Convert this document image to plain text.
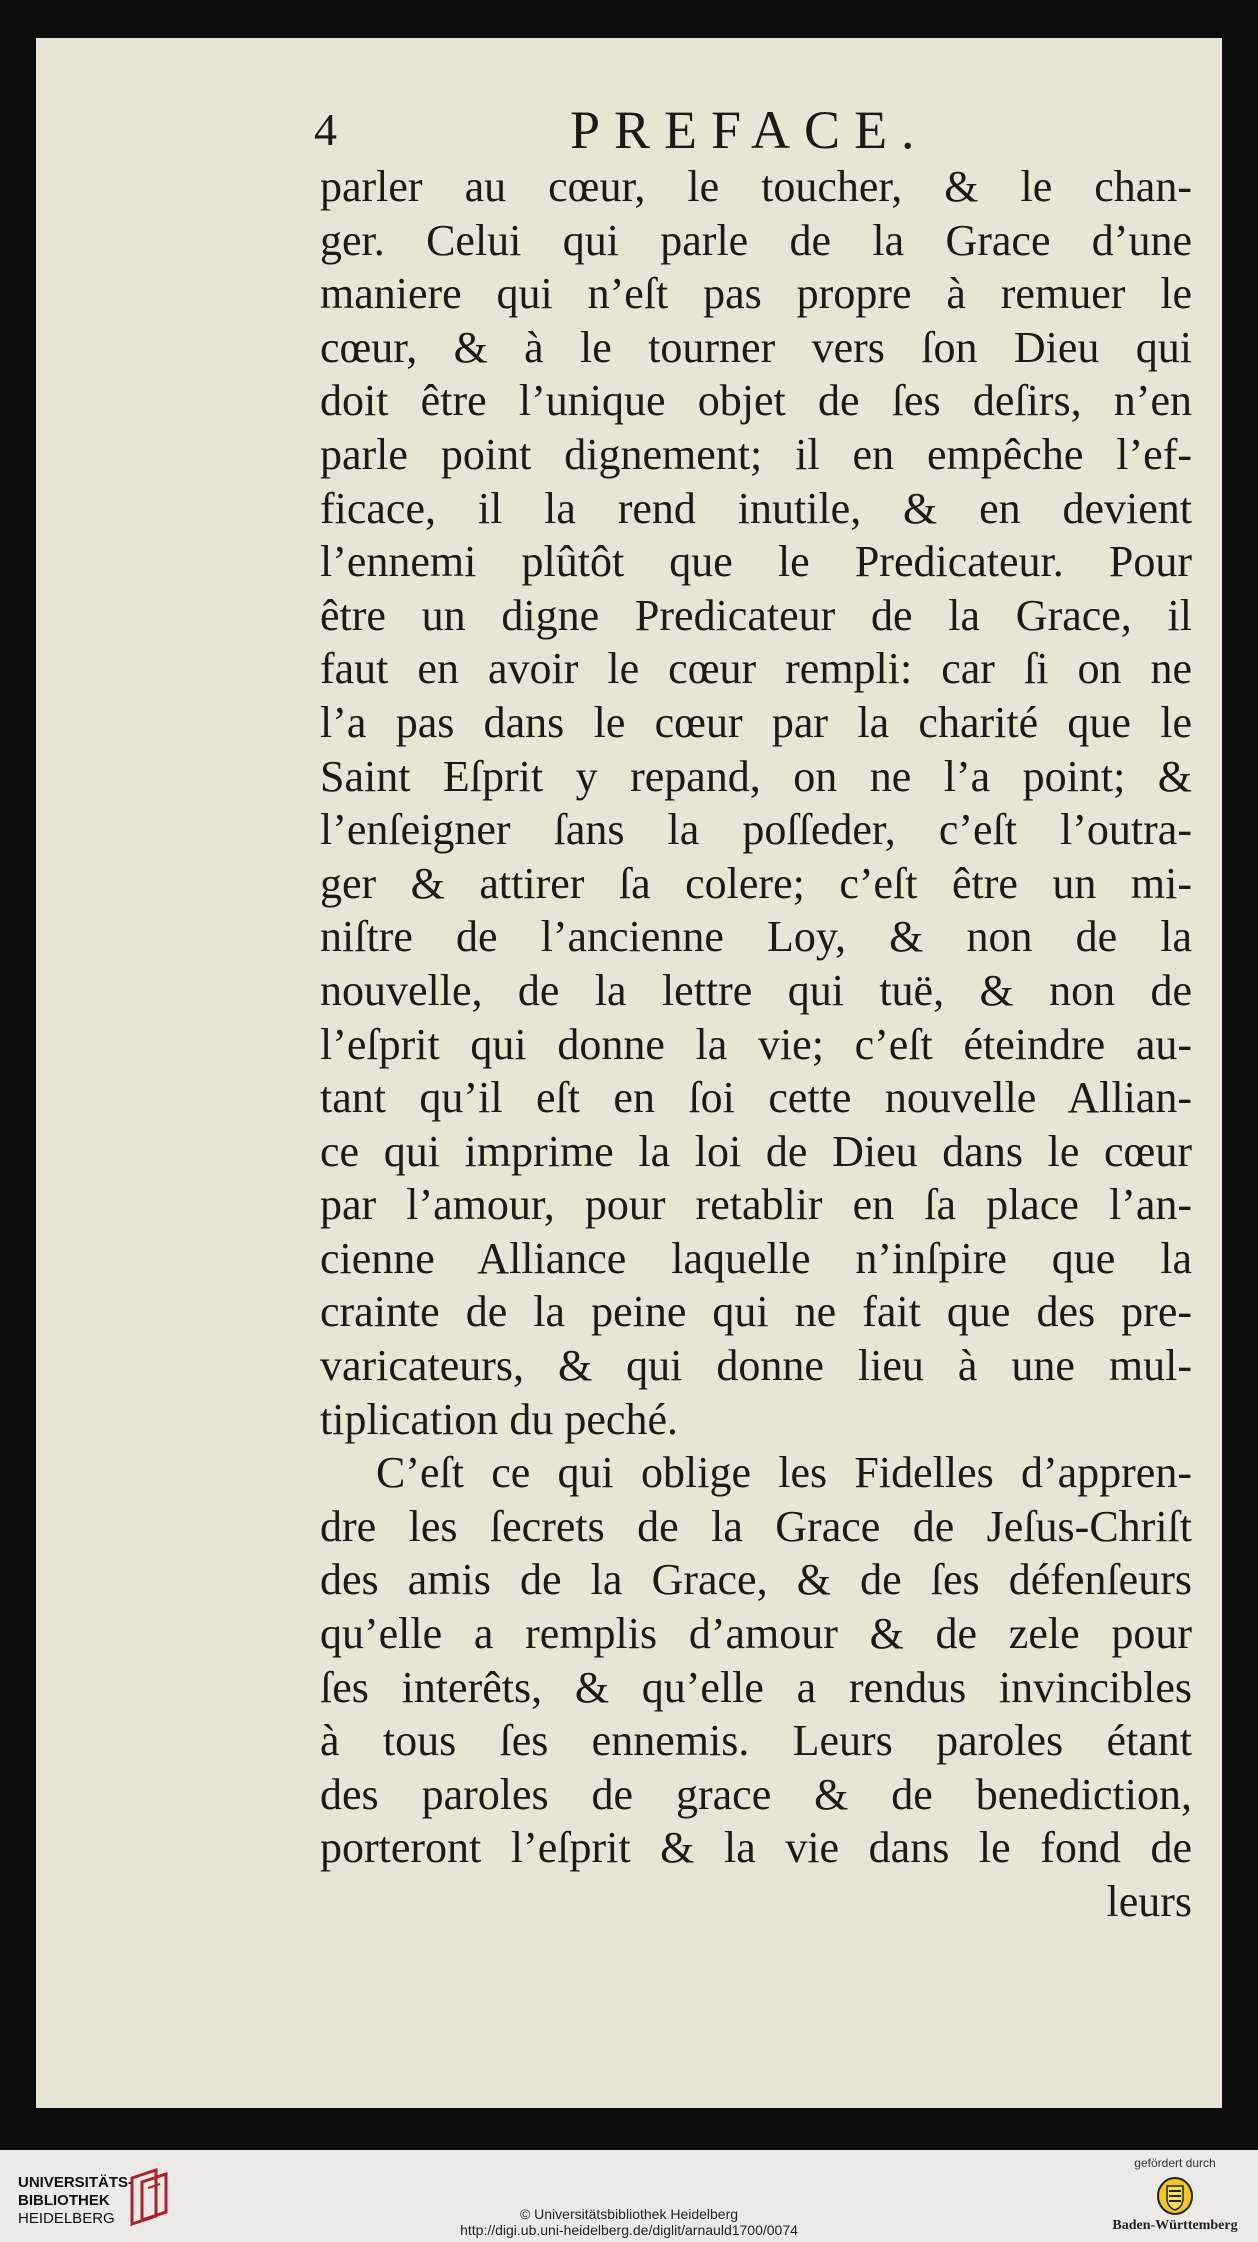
4	PREFACE.
parler au cœur, le toucher, & le chan-
ger. Celui qui parle de la Grace d’une
maniere qui n’eſt pas propre à remuer le
cœur, & à le tourner vers ſon Dieu qui
doit être l’unique objet de ſes deſirs, n’en
parle point dignement; il en empêche l’ef-
ficace, il la rend inutile, & en devient
l’ennemi plûtôt que le Predicateur. Pour
être un digne Predicateur de la Grace, il
faut en avoir le cœur rempli: car ſi on ne
l’a pas dans le cœur par la charité que le
Saint Eſprit y repand, on ne l’a point; &
l’enſeigner ſans la poſſeder, c’eſt l’outra-
ger & attirer ſa colere; c’eſt être un mi-
niſtre de l’ancienne Loy, & non de la
nouvelle, de la lettre qui tuë, & non de
l’eſprit qui donne la vie; c’eſt éteindre au-
tant qu’il eſt en ſoi cette nouvelle Allian-
ce qui imprime la loi de Dieu dans le cœur
par l’amour, pour retablir en ſa place l’an-
cienne Alliance laquelle n’inſpire que la
crainte de la peine qui ne fait que des pre-
varicateurs, & qui donne lieu à une mul-
tiplication du peché.
C’eſt ce qui oblige les Fidelles d’appren-
dre les ſecrets de la Grace de Jeſus-Chriſt
des amis de la Grace, & de ſes défenſeurs
qu’elle a remplis d’amour & de zele pour
ſes interêts, & qu’elle a rendus invincibles
à tous ſes ennemis. Leurs paroles étant
des paroles de grace & de benediction,
porteront l’eſprit & la vie dans le fond de
leurs
UNIVERSITÄTS-
BIBLIOTHEK
HEIDELBERG	© Universitätsbibliothek Heidelberg
http://digi.ub.uni-heidelberg.de/diglit/arnauld1700/0074
gefördert durch
Baden-Württemberg
